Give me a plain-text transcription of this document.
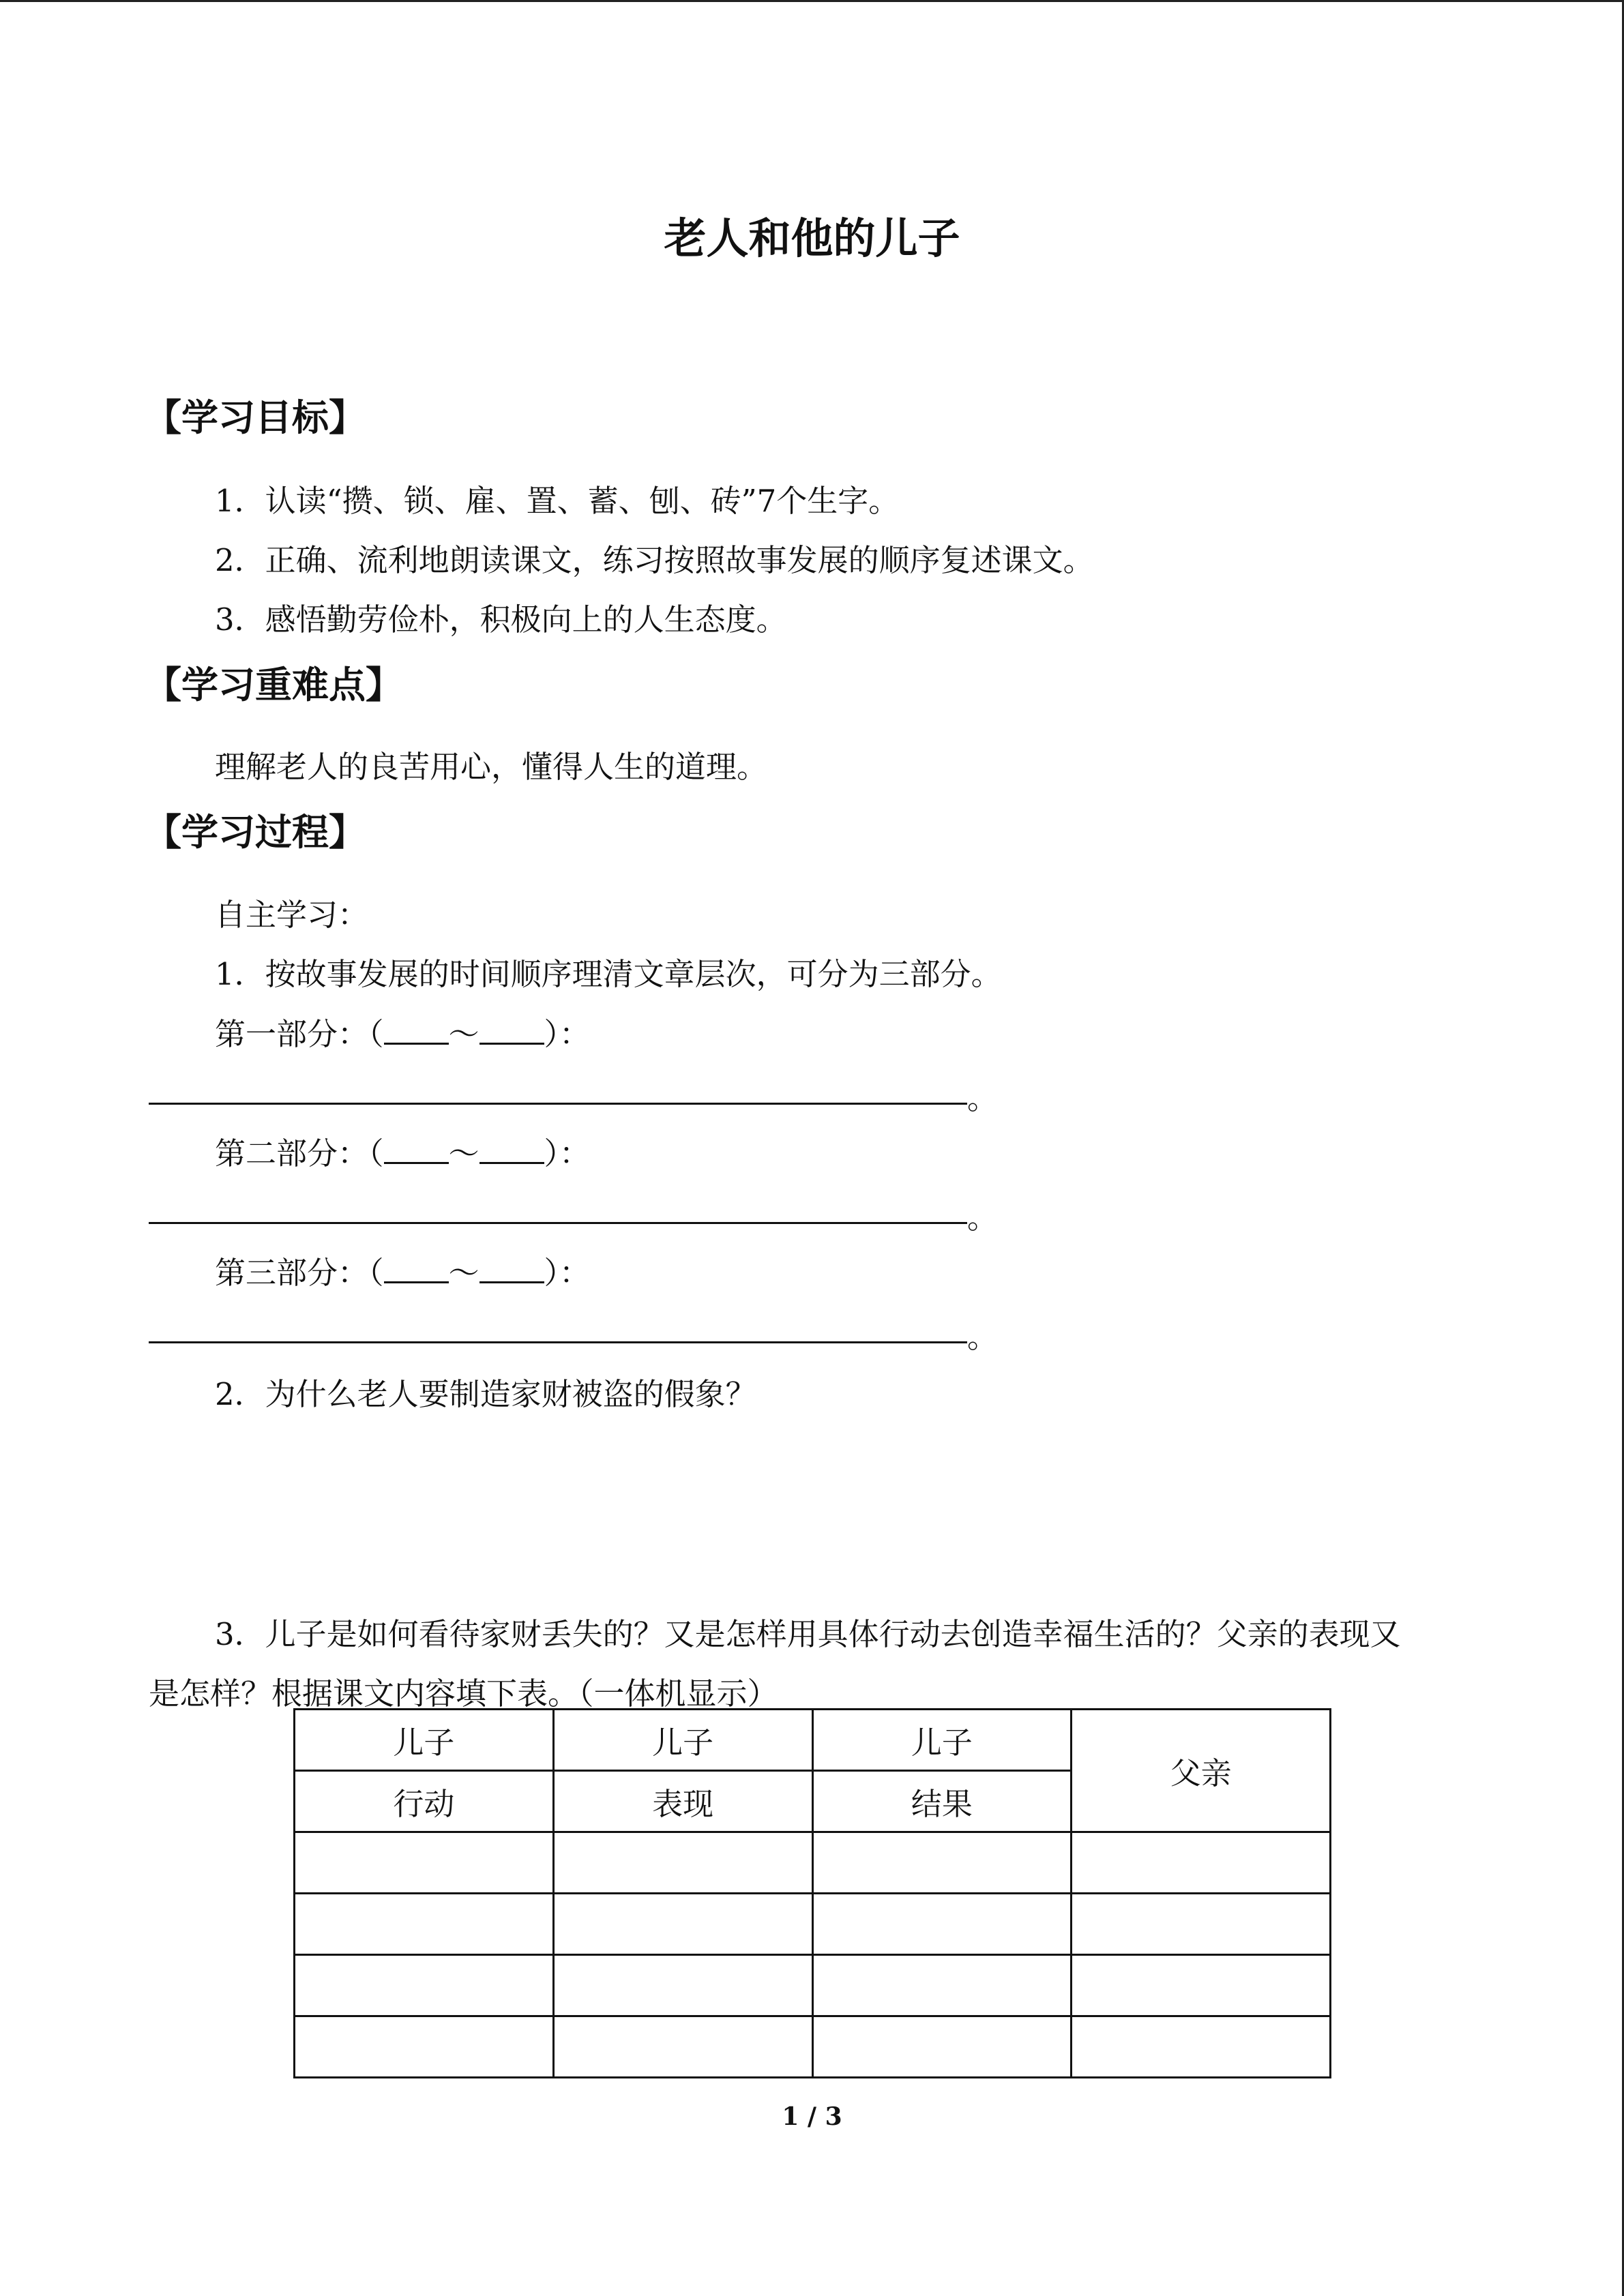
老人和他的儿子
【学习目标】
1．认读“攒、锁、雇、置、蓄、刨、砖”7个生字。
2．正确、流利地朗读课文，练习按照故事发展的顺序复述课文。
3．感悟勤劳俭朴，积极向上的人生态度。
【学习重难点】
理解老人的良苦用心，懂得人生的道理。
【学习过程】
自主学习：
1．按故事发展的时间顺序理清文章层次，可分为三部分。
第一部分：（ ～ ）：
。
第二部分：（ ～ ）：
。
第三部分：（ ～ ）：
。
2．为什么老人要制造家财被盗的假象？
3．儿子是如何看待家财丢失的？又是怎样用具体行动去创造幸福生活的？父亲的表现又
是怎样？根据课文内容填下表。（一体机显示）
儿子	儿子	儿子	父亲
行动	表现	结果	

1 / 3
